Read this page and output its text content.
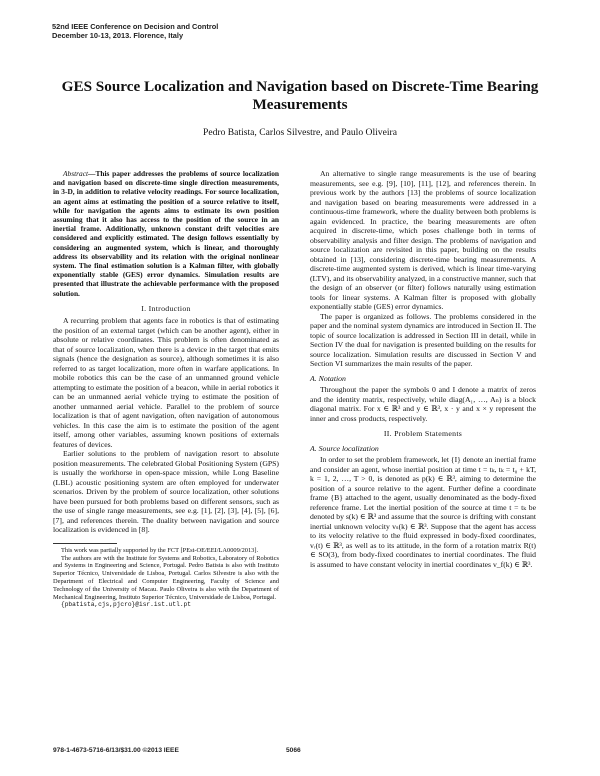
52nd IEEE Conference on Decision and Control
December 10-13, 2013. Florence, Italy
GES Source Localization and Navigation based on Discrete-Time Bearing Measurements
Pedro Batista, Carlos Silvestre, and Paulo Oliveira

Abstract—This paper addresses the problems of source localization and navigation based on discrete-time single direction measurements, in 3-D, in addition to relative velocity readings. For source localization, an agent aims at estimating the position of a source relative to itself, while for navigation the agents aims to estimate its own position assuming that it also has access to the position of the source in an inertial frame. Additionally, unknown constant drift velocities are considered and explicitly estimated. The design follows essentially by considering an augmented system, which is linear, and thoroughly address its observability and its relation with the original nonlinear system. The final estimation solution is a Kalman filter, with globally exponentially stable (GES) error dynamics. Simulation results are presented that illustrate the achievable performance with the proposed solution.

I. Introduction

A recurring problem that agents face in robotics is that of estimating the position of an external target (which can be another agent), either in absolute or relative coordinates. This problem is often denominated as that of source localization, when there is a device in the target that emits signals (hence the designation as source), although sometimes it is also referred to as target localization, more often in warfare applications. In mobile robotics this can be the case of an unmanned ground vehicle attempting to estimate the position of a beacon, while in aerial robotics it can be an unmanned aerial vehicle trying to estimate the position of another unmanned aerial vehicle. Parallel to the problem of source localization is that of agent navigation, often navigation of autonomous vehicles. In this case the aim is to estimate the position of the agent itself, among other variables, assuming known positions of externals features of devices.

Earlier solutions to the problem of navigation resort to absolute position measurements. The celebrated Global Positioning System (GPS) is usually the workhorse in open-space mission, while Long Baseline (LBL) acoustic positioning system are often employed for underwater scenarios. Driven by the problem of source localization, other solutions have been pursued for both problems based on different sensors, such as the use of single range measurements, see e.g. [1], [2], [3], [4], [5], [6], [7], and references therein. The duality between navigation and source localization is evidenced in [8].

This work was partially supported by the FCT [PEst-OE/EEI/LA0009/2013].

The authors are with the Institute for Systems and Robotics, Laboratory of Robotics and Systems in Engineering and Science, Portugal. Pedro Batista is also with Instituto Superior Técnico, Universidade de Lisboa, Portugal. Carlos Silvestre is also with the Department of Electrical and Computer Engineering, Faculty of Science and Technology of the University of Macau. Paulo Oliveira is also with the Department of Mechanical Engineering, Instituto Superior Técnico, Universidade de Lisboa, Portugal.

{pbatista,cjs,pjcro}@isr.ist.utl.pt

An alternative to single range measurements is the use of bearing measurements, see e.g. [9], [10], [11], [12], and references therein. In previous work by the authors [13] the problems of source localization and navigation based on bearing measurements were addressed in a continuous-time framework, where the duality between both problems is again evidenced. In practice, the bearing measurements are often acquired in discrete-time, which poses challenge both in terms of observability analysis and filter design. The problems of navigation and source localization are revisited in this paper, building on the results obtained in [13], considering discrete-time bearing measurements. A discrete-time augmented system is derived, which is linear time-varying (LTV), and its observability analyzed, in a constructive manner, such that the design of an observer (or filter) follows naturally using estimation tools for linear systems. A Kalman filter is proposed with globally exponentially stable (GES) error dynamics.

The paper is organized as follows. The problems considered in the paper and the nominal system dynamics are introduced in Section II. The topic of source localization is addressed in Section III in detail, while in Section IV the dual for navigation is presented building on the results for source localization. Simulation results are discussed in Section V and Section VI summarizes the main results of the paper.

A. Notation

Throughout the paper the symbols 0 and I denote a matrix of zeros and the identity matrix, respectively, while diag(A₁, …, Aₙ) is a block diagonal matrix. For x ∈ ℝ³ and y ∈ ℝ³, x · y and x × y represent the inner and cross products, respectively.

II. Problem Statements
A. Source localization

In order to set the problem framework, let {I} denote an inertial frame and consider an agent, whose inertial position at time t = tₖ, tₖ = t₀ + kT, k = 1, 2, …, T > 0, is denoted as p(k) ∈ ℝ³, aiming to determine the position of a source relative to the agent. Further define a coordinate frame {B} attached to the agent, usually denominated as the body-fixed reference frame. Let the inertial position of the source at time t = tₖ be denoted by s(k) ∈ ℝ³ and assume that the source is drifting with constant inertial unknown velocity vₛ(k) ∈ ℝ³. Suppose that the agent has access to its velocity relative to the fluid expressed in body-fixed coordinates, vᵣ(t) ∈ ℝ³, as well as to its attitude, in the form of a rotation matrix R(t) ∈ SO(3), from body-fixed coordinates to inertial coordinates. The fluid is assumed to have constant velocity in inertial coordinates v_f(k) ∈ ℝ³.

978-1-4673-5716-6/13/$31.00 ©2013 IEEE	5066
